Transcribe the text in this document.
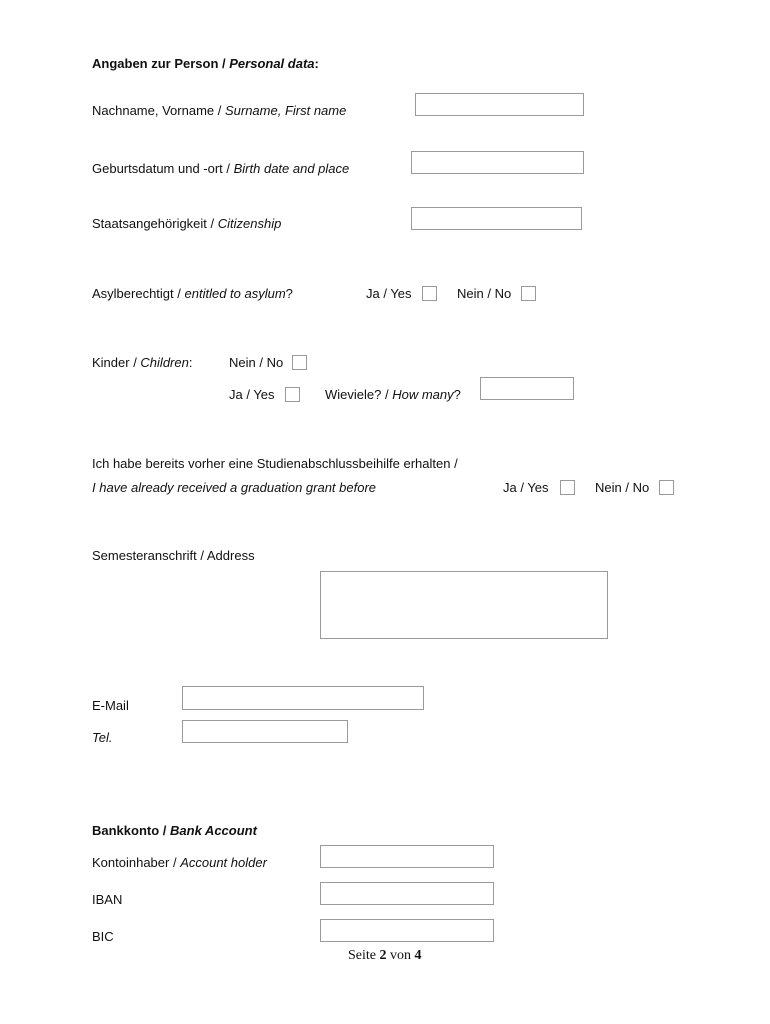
Angaben zur Person / Personal data:
Nachname, Vorname / Surname, First name
Geburtsdatum und -ort / Birth date and place
Staatsangehörigkeit / Citizenship
Asylberechtigt / entitled to asylum?	Ja / Yes	Nein / No
Kinder / Children:	Nein / No
Ja / Yes	Wieviele? / How many?
Ich habe bereits vorher eine Studienabschlussbeihilfe erhalten /
I have already received a graduation grant before	Ja / Yes	Nein / No
Semesteranschrift / Address
E-Mail
Tel.
Bankkonto / Bank Account
Kontoinhaber / Account holder
IBAN
BIC
Seite 2 von 4
